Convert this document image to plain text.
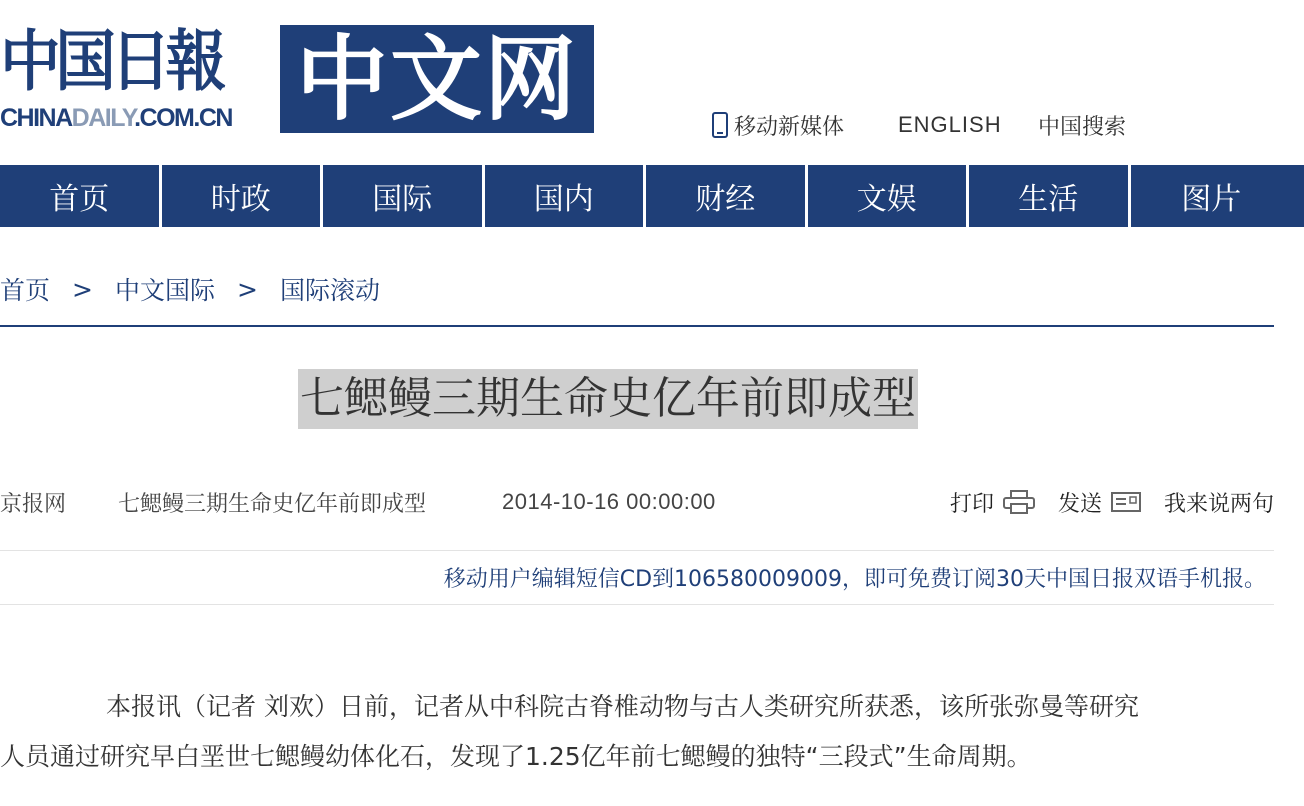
中国日報
CHINADAILY.COM.CN 中文网	移动新媒体 ENGLISH 中国搜索
首页	时政	国际	国内	财经	文娱	生活	图片
首页 > 中文国际 > 国际滚动
七鳃鳗三期生命史亿年前即成型
京报网 七鳃鳗三期生命史亿年前即成型	2014-10-16 00:00:00	打印	发送	我来说两句
移动用户编辑短信CD到106580009009，即可免费订阅30天中国日报双语手机报。

本报讯（记者 刘欢）日前，记者从中科院古脊椎动物与古人类研究所获悉，该所张弥曼等研究

人员通过研究早白垩世七鳃鳗幼体化石，发现了1.25亿年前七鳃鳗的独特“三段式”生命周期。
